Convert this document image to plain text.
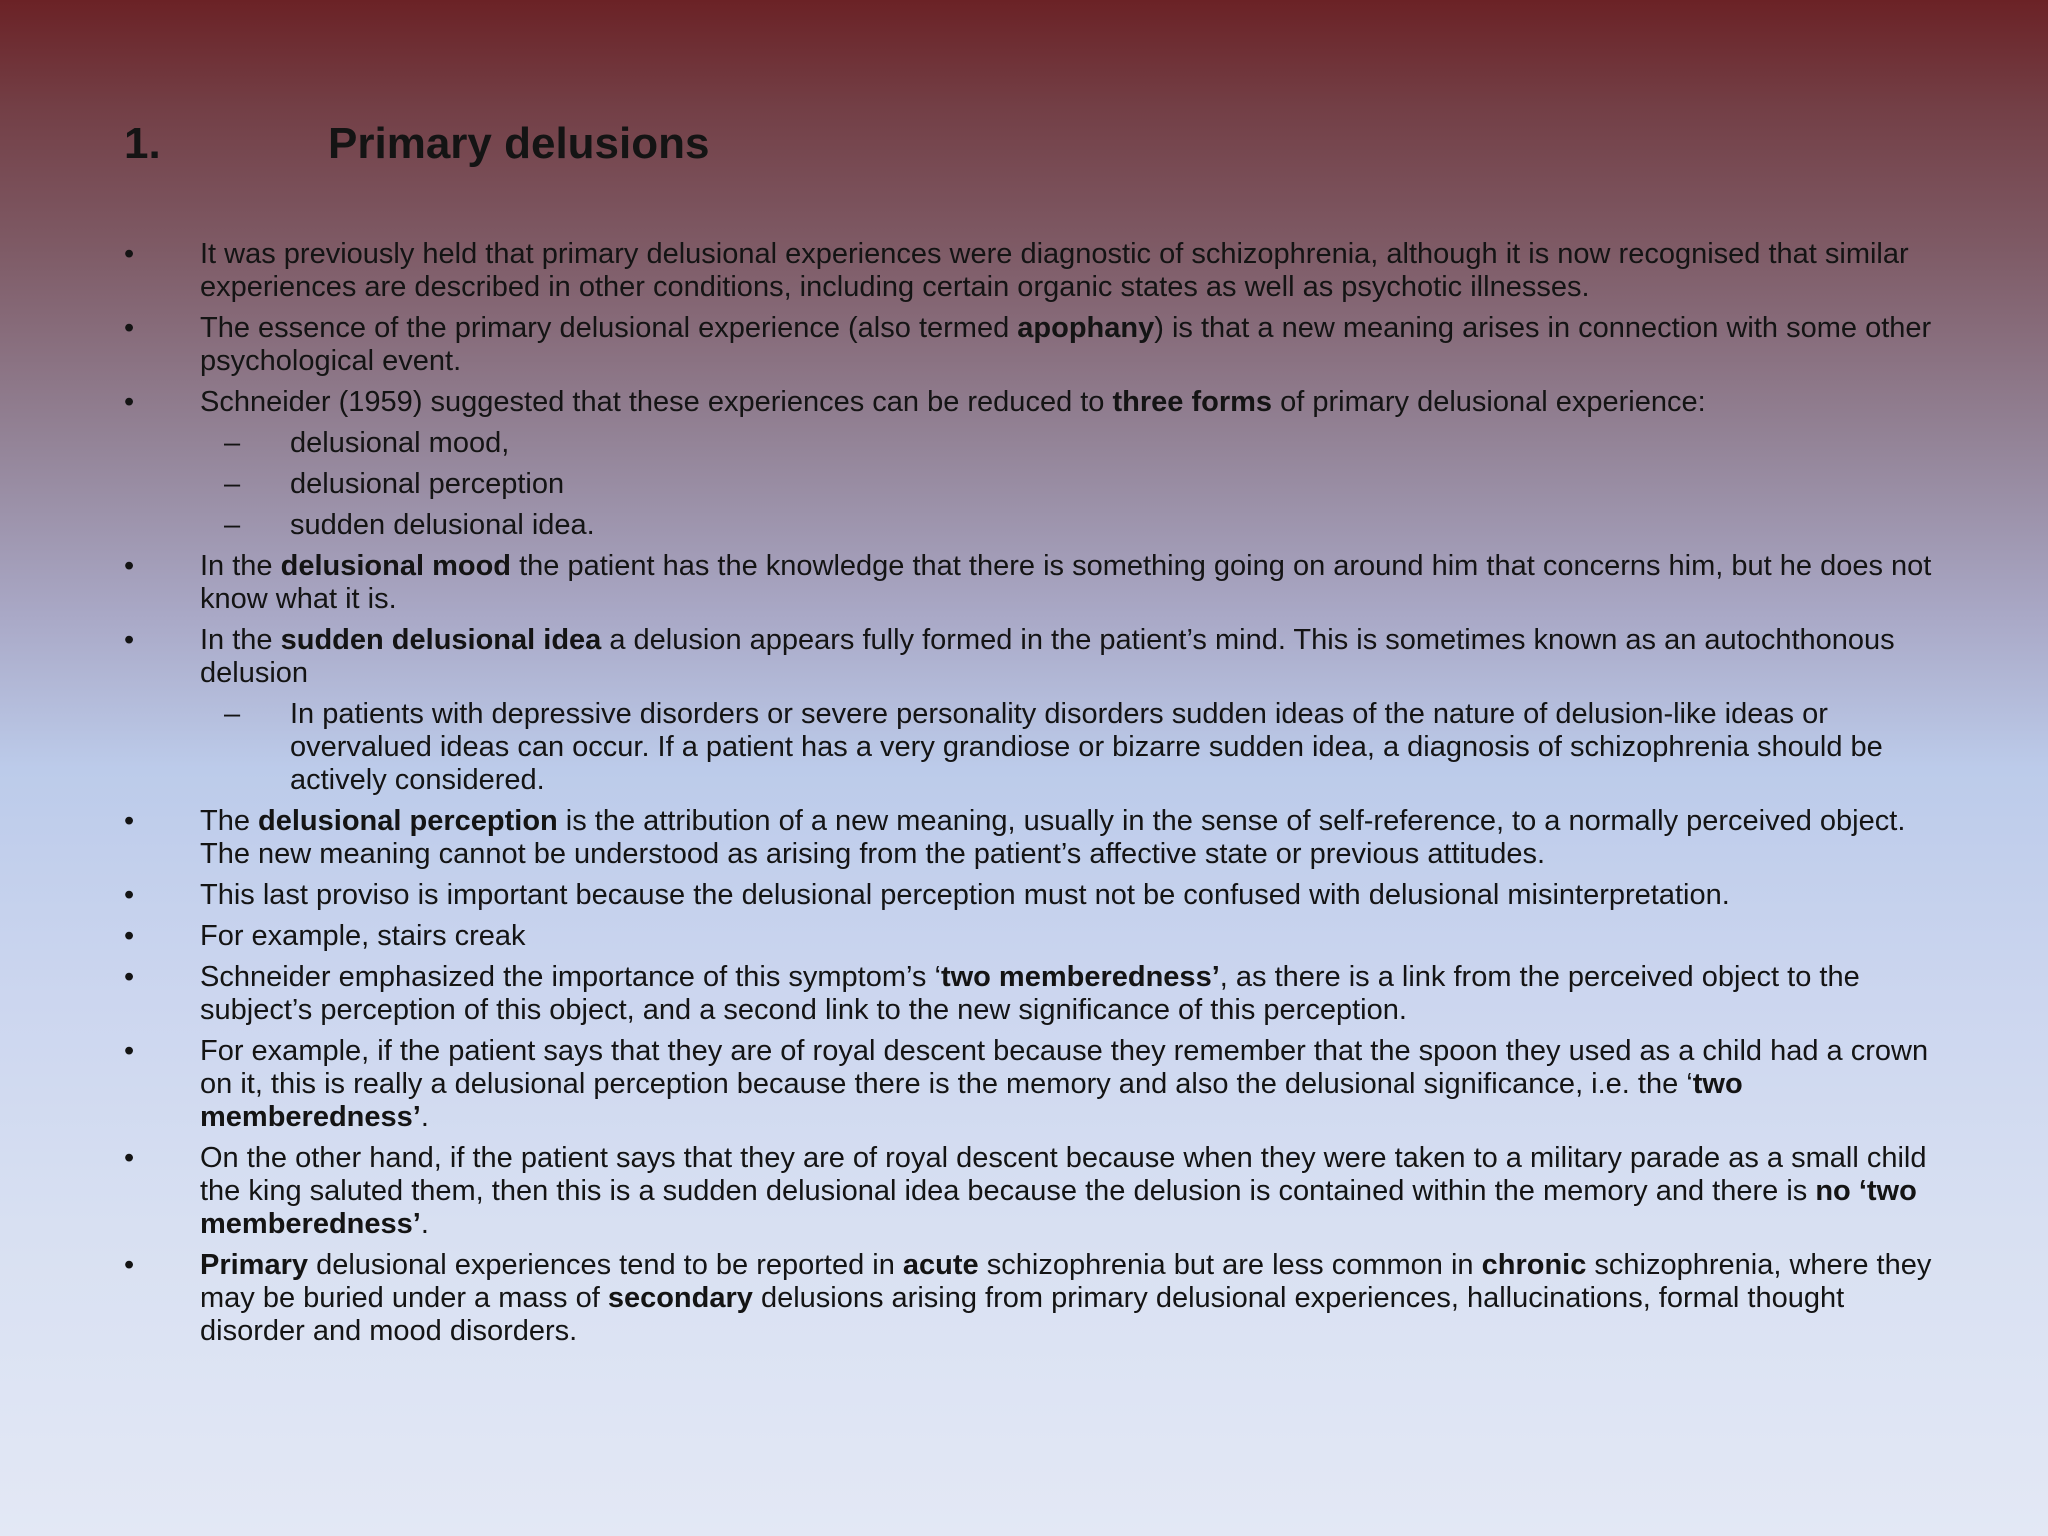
1.	Primary delusions
•	It was previously held that primary delusional experiences were diagnostic of schizophrenia, although it is now recognised that similar experiences are described in other conditions, including certain organic states as well as psychotic illnesses.
•	The essence of the primary delusional experience (also termed apophany) is that a new meaning arises in connection with some other psychological event.
•	Schneider (1959) suggested that these experiences can be reduced to three forms of primary delusional experience:
– delusional mood,
– delusional perception
– sudden delusional idea.
•	In the delusional mood the patient has the knowledge that there is something going on around him that concerns him, but he does not know what it is.
•	In the sudden delusional idea a delusion appears fully formed in the patient’s mind. This is sometimes known as an autochthonous delusion
– In patients with depressive disorders or severe personality disorders sudden ideas of the nature of delusion-like ideas or overvalued ideas can occur. If a patient has a very grandiose or bizarre sudden idea, a diagnosis of schizophrenia should be actively considered.
•	The delusional perception is the attribution of a new meaning, usually in the sense of self-reference, to a normally perceived object. The new meaning cannot be understood as arising from the patient’s affective state or previous attitudes.
•	This last proviso is important because the delusional perception must not be confused with delusional misinterpretation.
•	For example, stairs creak
•	Schneider emphasized the importance of this symptom’s ‘two memberedness’, as there is a link from the perceived object to the subject’s perception of this object, and a second link to the new significance of this perception.
•	For example, if the patient says that they are of royal descent because they remember that the spoon they used as a child had a crown on it, this is really a delusional perception because there is the memory and also the delusional significance, i.e. the ‘two memberedness’.
•	On the other hand, if the patient says that they are of royal descent because when they were taken to a military parade as a small child the king saluted them, then this is a sudden delusional idea because the delusion is contained within the memory and there is no ‘two memberedness’.
•	Primary delusional experiences tend to be reported in acute schizophrenia but are less common in chronic schizophrenia, where they may be buried under a mass of secondary delusions arising from primary delusional experiences, hallucinations, formal thought disorder and mood disorders.
